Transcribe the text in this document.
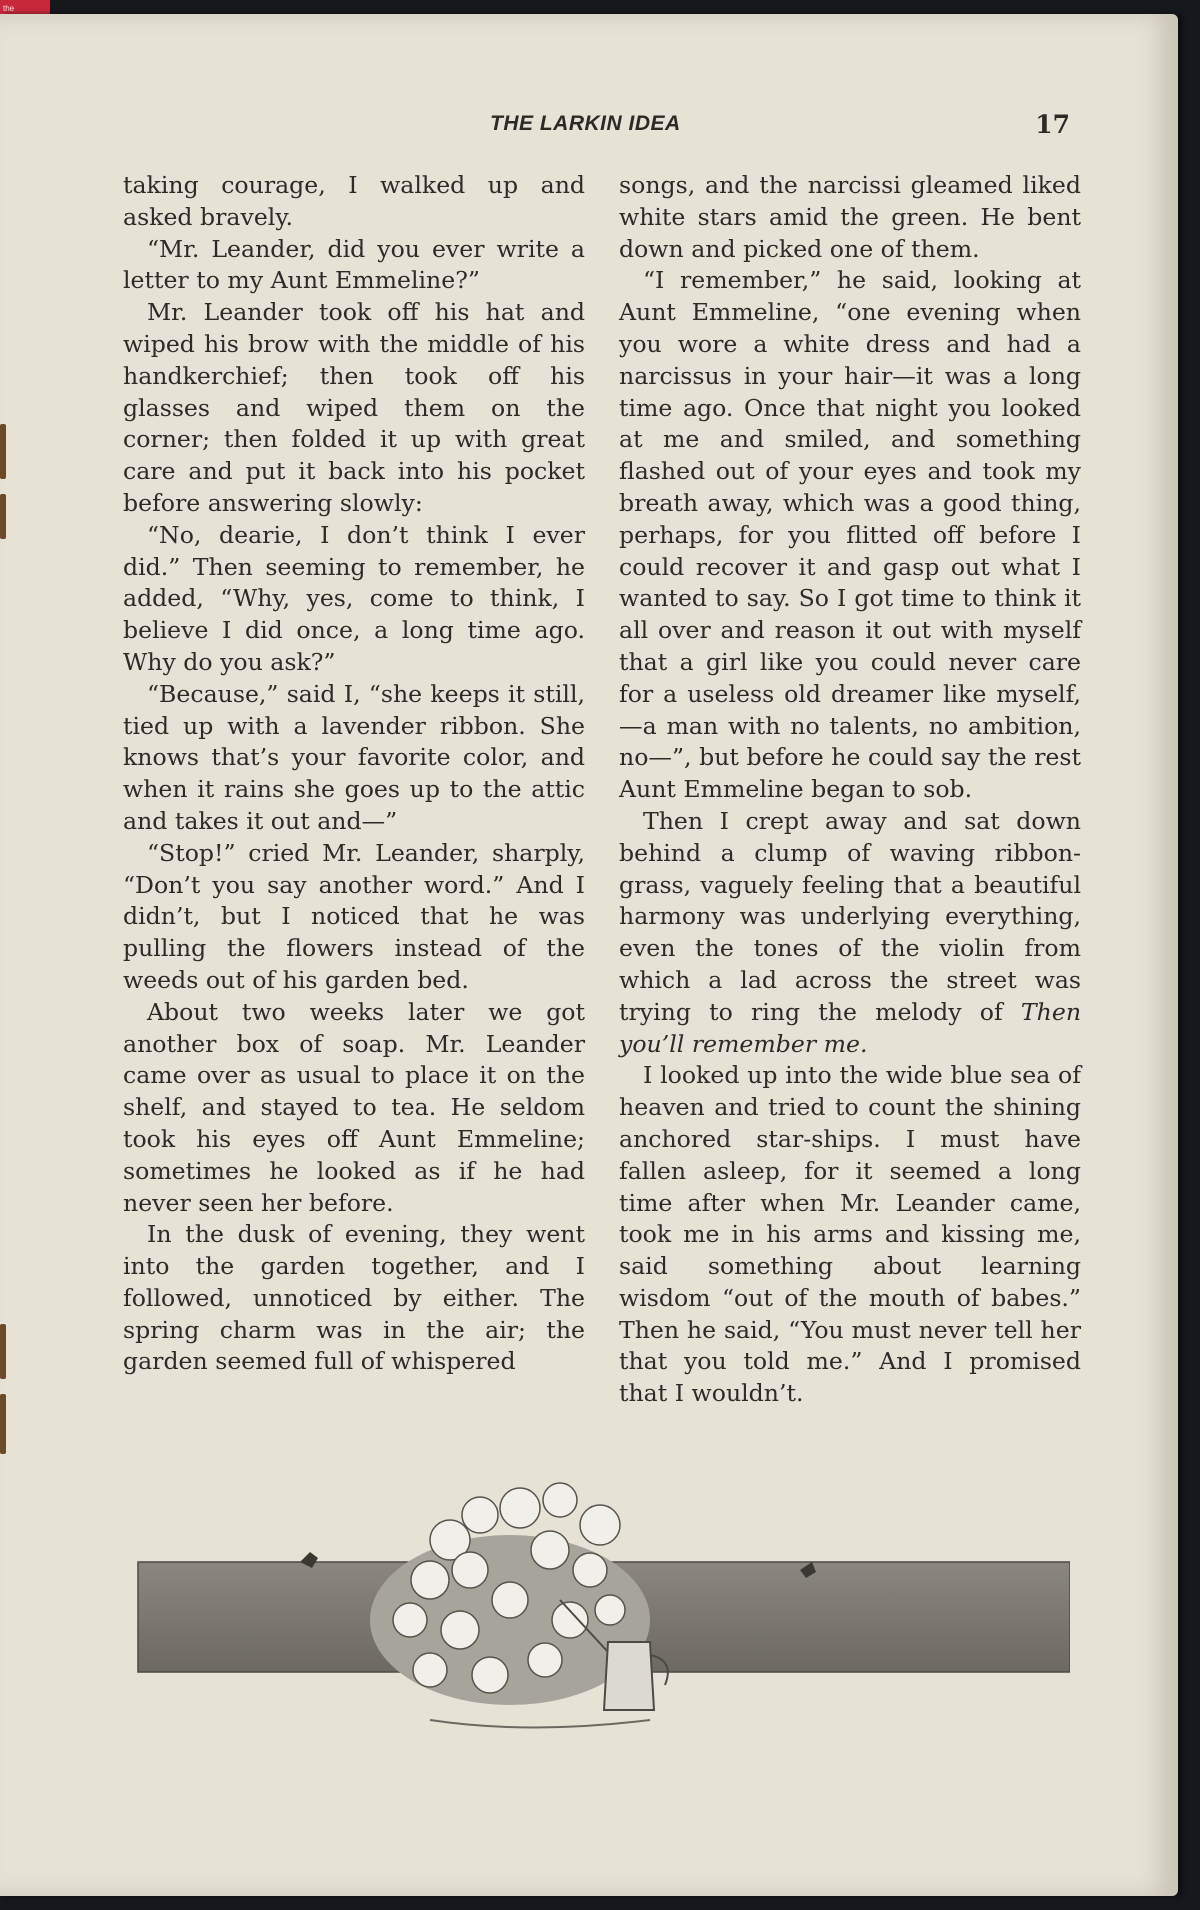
the
THE LARKIN IDEA	17

taking courage, I walked up and asked bravely.

“Mr. Leander, did you ever write a letter to my Aunt Emmeline?”

Mr. Leander took off his hat and wiped his brow with the middle of his handkerchief; then took off his glasses and wiped them on the corner; then folded it up with great care and put it back into his pocket before answering slowly:

“No, dearie, I don’t think I ever did.” Then seeming to remember, he added, “Why, yes, come to think, I believe I did once, a long time ago. Why do you ask?”

“Because,” said I, “she keeps it still, tied up with a lavender ribbon. She knows that’s your favorite color, and when it rains she goes up to the attic and takes it out and—”

“Stop!” cried Mr. Leander, sharply, “Don’t you say another word.” And I didn’t, but I noticed that he was pulling the flowers instead of the weeds out of his garden bed.

About two weeks later we got another box of soap. Mr. Leander came over as usual to place it on the shelf, and stayed to tea. He seldom took his eyes off Aunt Emmeline; sometimes he looked as if he had never seen her before.

In the dusk of evening, they went into the garden together, and I followed, unnoticed by either. The spring charm was in the air; the garden seemed full of whispered

songs, and the narcissi gleamed liked white stars amid the green. He bent down and picked one of them.

“I remember,” he said, looking at Aunt Emmeline, “one evening when you wore a white dress and had a narcissus in your hair—it was a long time ago. Once that night you looked at me and smiled, and something flashed out of your eyes and took my breath away, which was a good thing, perhaps, for you flitted off before I could recover it and gasp out what I wanted to say. So I got time to think it all over and reason it out with myself that a girl like you could never care for a useless old dreamer like myself,—a man with no talents, no ambition, no—”, but before he could say the rest Aunt Emmeline began to sob.

Then I crept away and sat down behind a clump of waving ribbon-grass, vaguely feeling that a beautiful harmony was underlying everything, even the tones of the violin from which a lad across the street was trying to ring the melody of Then you’ll remember me.

I looked up into the wide blue sea of heaven and tried to count the shining anchored star-ships. I must have fallen asleep, for it seemed a long time after when Mr. Leander came, took me in his arms and kissing me, said something about learning wisdom “out of the mouth of babes.” Then he said, “You must never tell her that you told me.” And I promised that I wouldn’t.
